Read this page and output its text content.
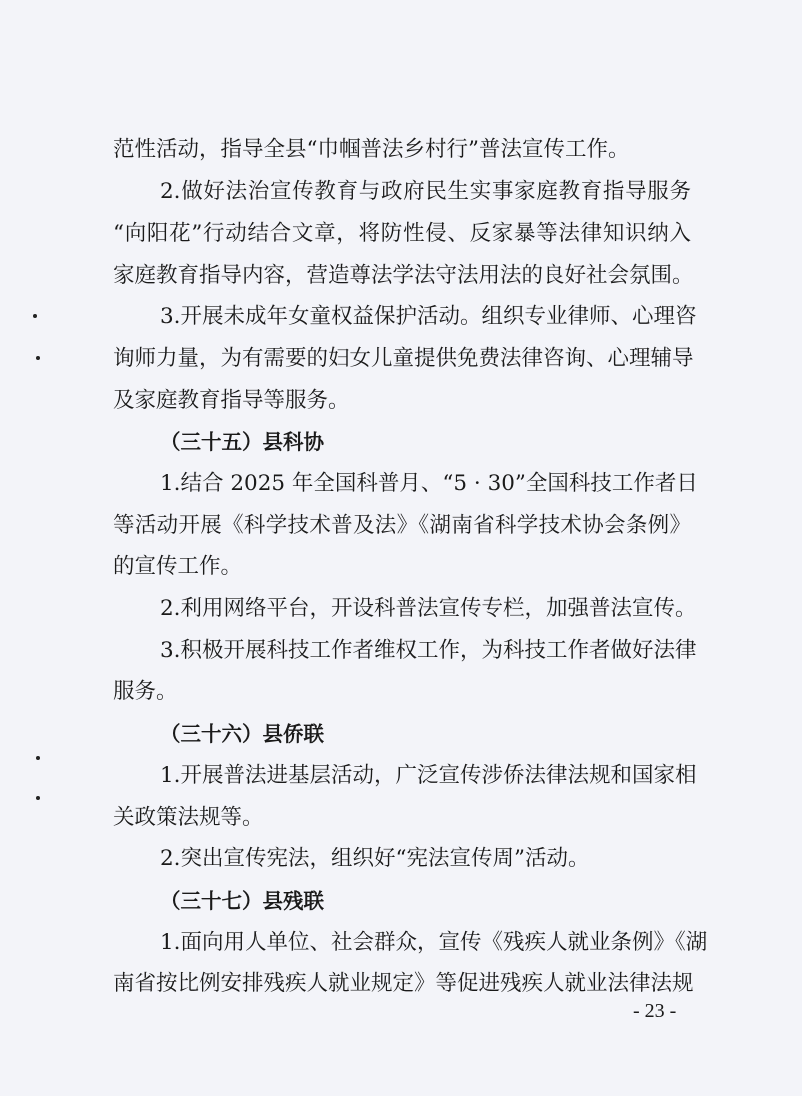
范性活动，指导全县“巾帼普法乡村行”普法宣传工作。
2.做好法治宣传教育与政府民生实事家庭教育指导服务
“向阳花”行动结合文章，将防性侵、反家暴等法律知识纳入
家庭教育指导内容，营造尊法学法守法用法的良好社会氛围。
3.开展未成年女童权益保护活动。组织专业律师、心理咨
询师力量，为有需要的妇女儿童提供免费法律咨询、心理辅导
及家庭教育指导等服务。
（三十五）县科协
1.结合 2025 年全国科普月、“5 · 30”全国科技工作者日
等活动开展《科学技术普及法》《湖南省科学技术协会条例》
的宣传工作。
2.利用网络平台，开设科普法宣传专栏，加强普法宣传。
3.积极开展科技工作者维权工作，为科技工作者做好法律
服务。
（三十六）县侨联
1.开展普法进基层活动，广泛宣传涉侨法律法规和国家相
关政策法规等。
2.突出宣传宪法，组织好“宪法宣传周”活动。
（三十七）县残联
1.面向用人单位、社会群众，宣传《残疾人就业条例》《湖
南省按比例安排残疾人就业规定》等促进残疾人就业法律法规
- 23 -
